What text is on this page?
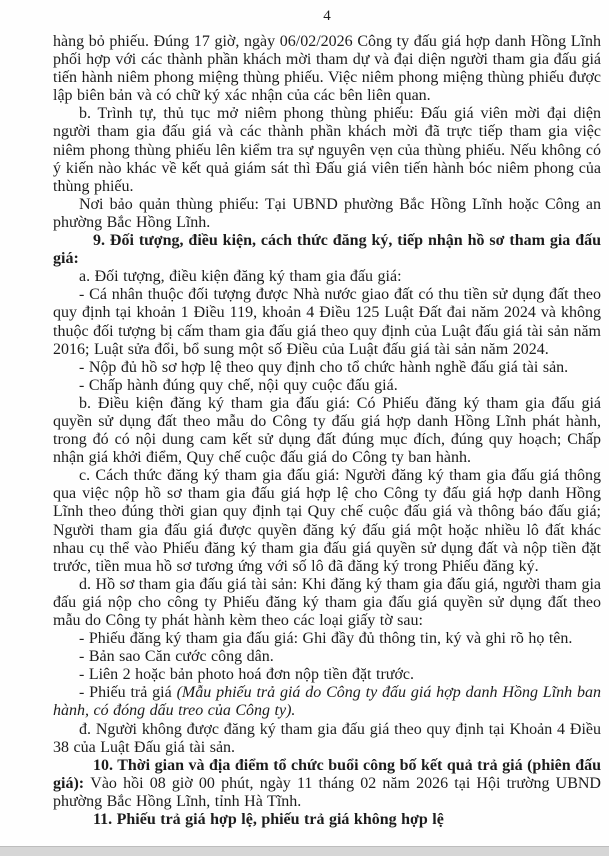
4

hàng bỏ phiếu. Đúng 17 giờ, ngày 06/02/2026 Công ty đấu giá hợp danh Hồng Lĩnh phối hợp với các thành phần khách mời tham dự và đại diện người tham gia đấu giá tiến hành niêm phong miệng thùng phiếu. Việc niêm phong miệng thùng phiếu được lập biên bản và có chữ ký xác nhận của các bên liên quan.

b. Trình tự, thủ tục mở niêm phong thùng phiếu: Đấu giá viên mời đại diện người tham gia đấu giá và các thành phần khách mời đã trực tiếp tham gia việc niêm phong thùng phiếu lên kiểm tra sự nguyên vẹn của thùng phiếu. Nếu không có ý kiến nào khác về kết quả giám sát thì Đấu giá viên tiến hành bóc niêm phong của thùng phiếu.

Nơi bảo quản thùng phiếu: Tại UBND phường Bắc Hồng Lĩnh hoặc Công an phường Bắc Hồng Lĩnh.

9. Đối tượng, điều kiện, cách thức đăng ký, tiếp nhận hồ sơ tham gia đấu giá:

a. Đối tượng, điều kiện đăng ký tham gia đấu giá:

- Cá nhân thuộc đối tượng được Nhà nước giao đất có thu tiền sử dụng đất theo quy định tại khoản 1 Điều 119, khoản 4 Điều 125 Luật Đất đai năm 2024 và không thuộc đối tượng bị cấm tham gia đấu giá theo quy định của Luật đấu giá tài sản năm 2016; Luật sửa đổi, bổ sung một số Điều của Luật đấu giá tài sản năm 2024.

- Nộp đủ hồ sơ hợp lệ theo quy định cho tổ chức hành nghề đấu giá tài sản.

- Chấp hành đúng quy chế, nội quy cuộc đấu giá.

b. Điều kiện đăng ký tham gia đấu giá: Có Phiếu đăng ký tham gia đấu giá quyền sử dụng đất theo mẫu do Công ty đấu giá hợp danh Hồng Lĩnh phát hành, trong đó có nội dung cam kết sử dụng đất đúng mục đích, đúng quy hoạch; Chấp nhận giá khởi điểm, Quy chế cuộc đấu giá do Công ty ban hành.

c. Cách thức đăng ký tham gia đấu giá: Người đăng ký tham gia đấu giá thông qua việc nộp hồ sơ tham gia đấu giá hợp lệ cho Công ty đấu giá hợp danh Hồng Lĩnh theo đúng thời gian quy định tại Quy chế cuộc đấu giá và thông báo đấu giá; Người tham gia đấu giá được quyền đăng ký đấu giá một hoặc nhiều lô đất khác nhau cụ thể vào Phiếu đăng ký tham gia đấu giá quyền sử dụng đất và nộp tiền đặt trước, tiền mua hồ sơ tương ứng với số lô đã đăng ký trong Phiếu đăng ký.

d. Hồ sơ tham gia đấu giá tài sản: Khi đăng ký tham gia đấu giá, người tham gia đấu giá nộp cho công ty Phiếu đăng ký tham gia đấu giá quyền sử dụng đất theo mẫu do Công ty phát hành kèm theo các loại giấy tờ sau:

- Phiếu đăng ký tham gia đấu giá: Ghi đầy đủ thông tin, ký và ghi rõ họ tên.

- Bản sao Căn cước công dân.

- Liên 2 hoặc bản photo hoá đơn nộp tiền đặt trước.

- Phiếu trả giá (Mẫu phiếu trả giá do Công ty đấu giá hợp danh Hồng Lĩnh ban hành, có đóng dấu treo của Công ty).

đ. Người không được đăng ký tham gia đấu giá theo quy định tại Khoản 4 Điều 38 của Luật Đấu giá tài sản.

10. Thời gian và địa điểm tổ chức buổi công bố kết quả trả giá (phiên đấu giá): Vào hồi 08 giờ 00 phút, ngày 11 tháng 02 năm 2026 tại Hội trường UBND phường Bắc Hồng Lĩnh, tỉnh Hà Tĩnh.

11. Phiếu trả giá hợp lệ, phiếu trả giá không hợp lệ
